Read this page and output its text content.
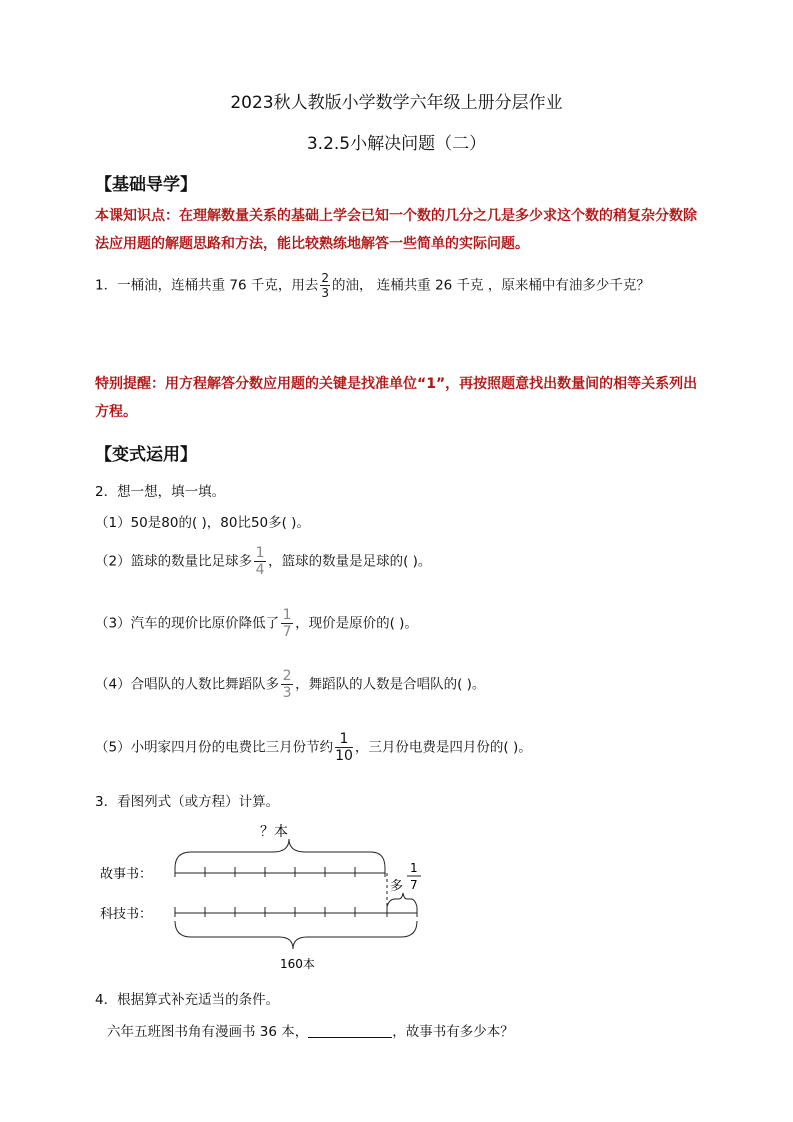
2023秋人教版小学数学六年级上册分层作业
3.2.5小解决问题（二）
【基础导学】
本课知识点：在理解数量关系的基础上学会已知一个数的几分之几是多少求这个数的稍复杂分数除法应用题的解题思路和方法，能比较熟练地解答一些简单的实际问题。
1．一桶油，连桶共重 76 千克，用去 $\frac{2}{3}$ 的油， 连桶共重 26 千克 ，原来桶中有油多少千克？
特别提醒：用方程解答分数应用题的关键是找准单位“1”，再按照题意找出数量间的相等关系列出方程。
【变式运用】
2．想一想，填一填。
（1）50是80的( )，80比50多( )。
（2）篮球的数量比足球多 $\frac{1}{4}$ ，篮球的数量是足球的( )。
（3）汽车的现价比原价降低了 $\frac{1}{7}$ ，现价是原价的( )。
（4）合唱队的人数比舞蹈队多 $\frac{2}{3}$ ，舞蹈队的人数是合唱队的( )。
（5）小明家四月份的电费比三月份节约 $\frac{1}{10}$ ，三月份电费是四月份的( )。
3．看图列式（或方程）计算。
？本
故事书：
多
1
7
科技书：
160本
4．根据算式补充适当的条件。
六年五班图书角有漫画书 36 本，	，故事书有多少本？
